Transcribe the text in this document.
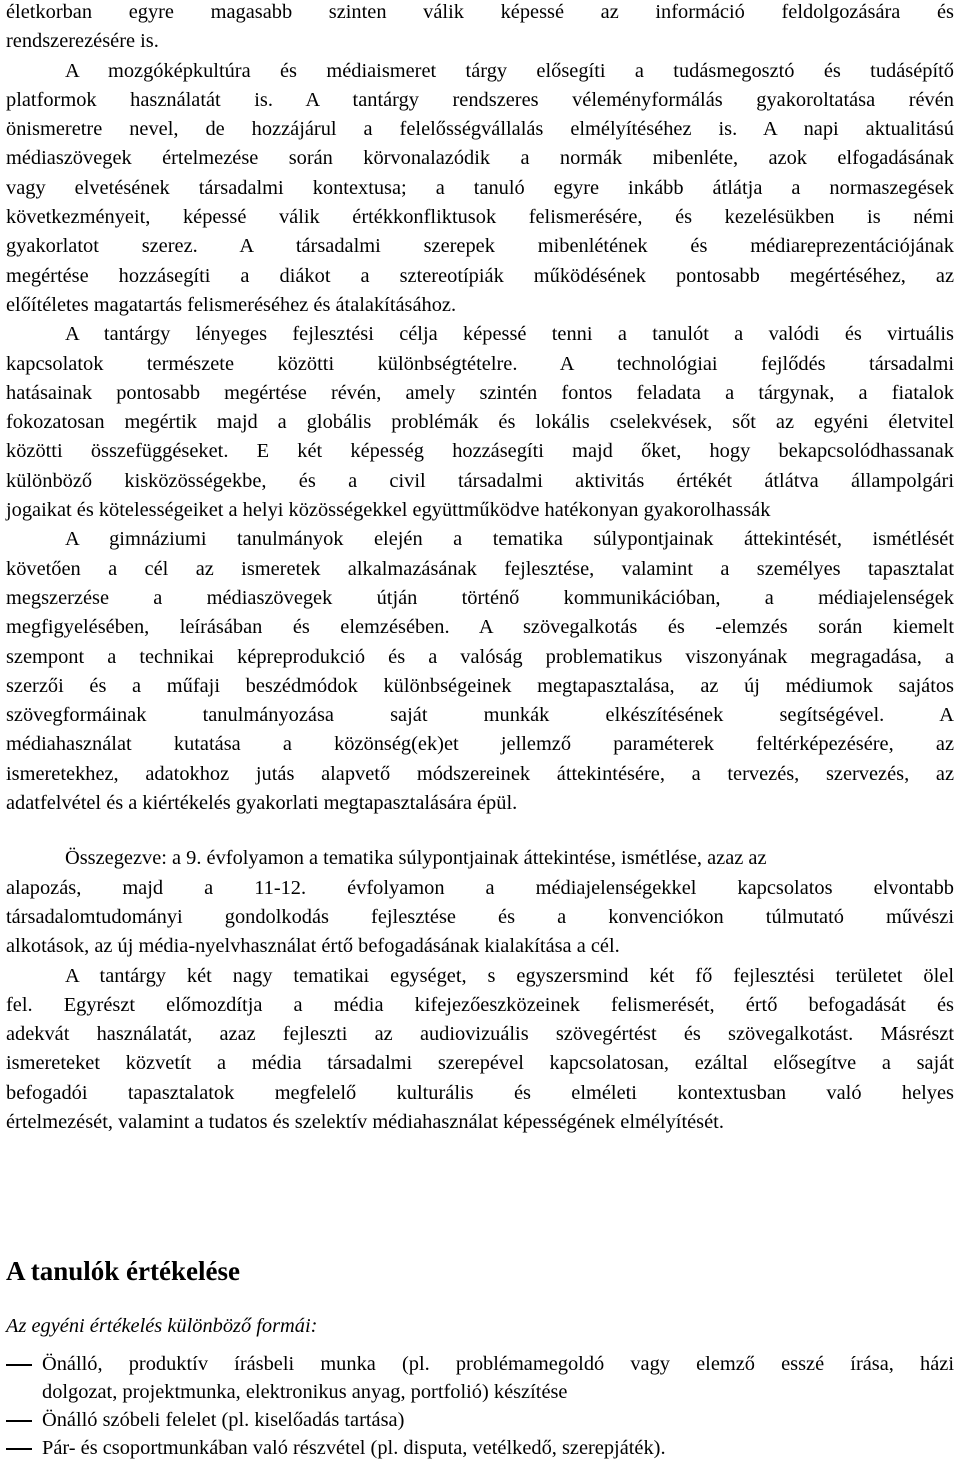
életkorban egyre magasabb szinten válik képessé az információ feldolgozására és
rendszerezésére is.
A mozgóképkultúra és médiaismeret tárgy elősegíti a tudásmegosztó és tudásépítő
platformok használatát is. A tantárgy rendszeres véleményformálás gyakoroltatása révén
önismeretre nevel, de hozzájárul a felelősségvállalás elmélyítéséhez is. A napi aktualitású
médiaszövegek értelmezése során körvonalazódik a normák mibenléte, azok elfogadásának
vagy elvetésének társadalmi kontextusa; a tanuló egyre inkább átlátja a normaszegések
következményeit, képessé válik értékkonfliktusok felismerésére, és kezelésükben is némi
gyakorlatot szerez. A társadalmi szerepek mibenlétének és médiareprezentációjának
megértése hozzásegíti a diákot a sztereotípiák működésének pontosabb megértéséhez, az
előítéletes magatartás felismeréséhez és átalakításához.
A tantárgy lényeges fejlesztési célja képessé tenni a tanulót a valódi és virtuális
kapcsolatok természete közötti különbségtételre. A technológiai fejlődés társadalmi
hatásainak pontosabb megértése révén, amely szintén fontos feladata a tárgynak, a fiatalok
fokozatosan megértik majd a globális problémák és lokális cselekvések, sőt az egyéni életvitel
közötti összefüggéseket. E két képesség hozzásegíti majd őket, hogy bekapcsolódhassanak
különböző kisközösségekbe, és a civil társadalmi aktivitás értékét átlátva állampolgári
jogaikat és kötelességeiket a helyi közösségekkel együttműködve hatékonyan gyakorolhassák
A gimnáziumi tanulmányok elején a tematika súlypontjainak áttekintését, ismétlését
követően a cél az ismeretek alkalmazásának fejlesztése, valamint a személyes tapasztalat
megszerzése a médiaszövegek útján történő kommunikációban, a médiajelenségek
megfigyelésében, leírásában és elemzésében. A szövegalkotás és -elemzés során kiemelt
szempont a technikai képreprodukció és a valóság problematikus viszonyának megragadása, a
szerzői és a műfaji beszédmódok különbségeinek megtapasztalása, az új médiumok sajátos
szövegformáinak tanulmányozása saját munkák elkészítésének segítségével. A
médiahasználat kutatása a közönség(ek)et jellemző paraméterek feltérképezésére, az
ismeretekhez, adatokhoz jutás alapvető módszereinek áttekintésére, a tervezés, szervezés, az
adatfelvétel és a kiértékelés gyakorlati megtapasztalására épül.
Összegezve: a 9. évfolyamon a tematika súlypontjainak áttekintése, ismétlése, azaz az
alapozás, majd a 11-12. évfolyamon a médiajelenségekkel kapcsolatos elvontabb
társadalomtudományi gondolkodás fejlesztése és a konvenciókon túlmutató művészi
alkotások, az új média-nyelvhasználat értő befogadásának kialakítása a cél.
A tantárgy két nagy tematikai egységet, s egyszersmind két fő fejlesztési területet ölel
fel. Egyrészt előmozdítja a média kifejezőeszközeinek felismerését, értő befogadását és
adekvát használatát, azaz fejleszti az audiovizuális szövegértést és szövegalkotást. Másrészt
ismereteket közvetít a média társadalmi szerepével kapcsolatosan, ezáltal elősegítve a saját
befogadói tapasztalatok megfelelő kulturális és elméleti kontextusban való helyes
értelmezését, valamint a tudatos és szelektív médiahasználat képességének elmélyítését.
A tanulók értékelése
Az egyéni értékelés különböző formái:
Önálló, produktív írásbeli munka (pl. problémamegoldó vagy elemző esszé írása, házi
dolgozat, projektmunka, elektronikus anyag, portfolió) készítése
Önálló szóbeli felelet (pl. kiselőadás tartása)
Pár- és csoportmunkában való részvétel (pl. disputa, vetélkedő, szerepjáték).
